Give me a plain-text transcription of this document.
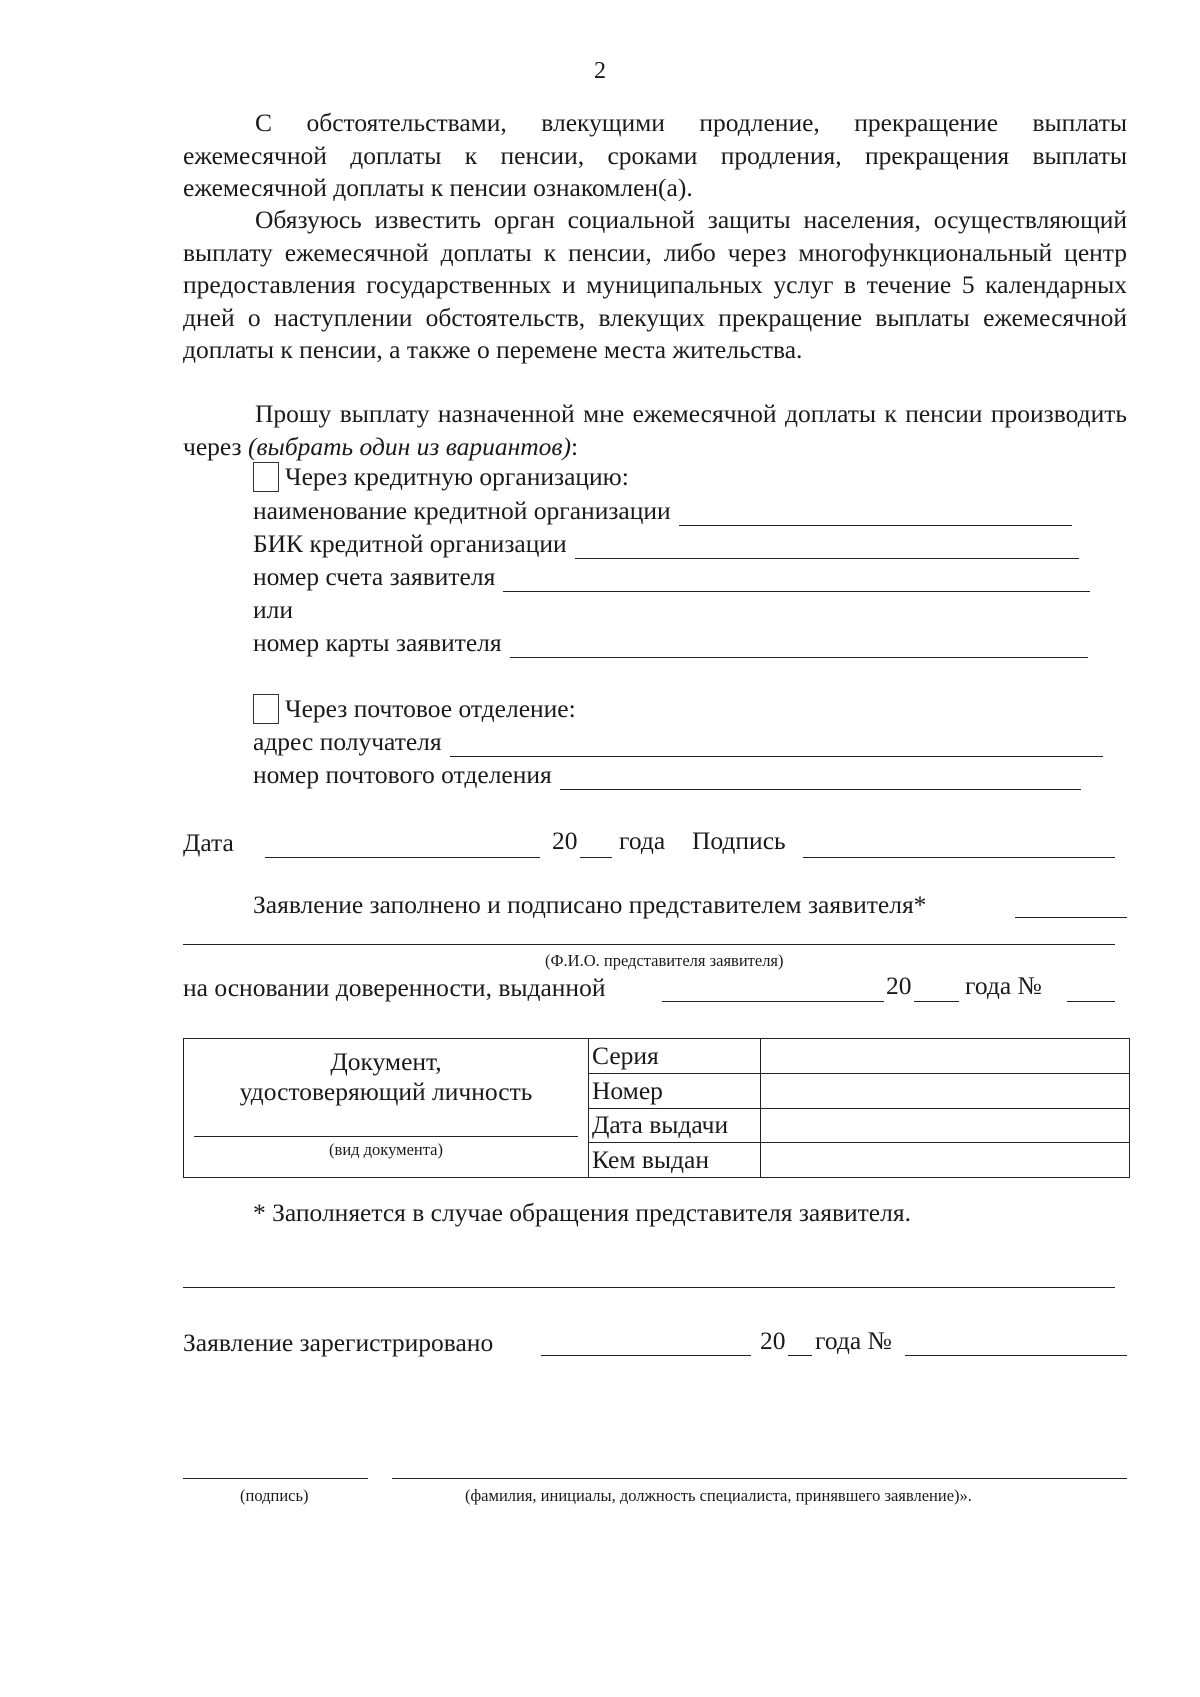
2

С обстоятельствами, влекущими продление, прекращение выплаты ежемесячной доплаты к пенсии, сроками продления, прекращения выплаты ежемесячной доплаты к пенсии ознакомлен(а).

Обязуюсь известить орган социальной защиты населения, осуществляющий выплату ежемесячной доплаты к пенсии, либо через многофункциональный центр предоставления государственных и муниципальных услуг в течение 5 календарных дней о наступлении обстоятельств, влекущих прекращение выплаты ежемесячной доплаты к пенсии, а также о перемене места жительства.

Прошу выплату назначенной мне ежемесячной доплаты к пенсии производить через (выбрать один из вариантов):

Через кредитную организацию:
наименование кредитной организации
БИК кредитной организации
номер счета заявителя
или
номер карты заявителя
Через почтовое отделение:
адрес получателя
номер почтового отделения
Дата	20 года Подпись
Заявление заполнено и подписано представителем заявителя*
(Ф.И.О. представителя заявителя)
на основании доверенности, выданной	20 года №
Документ,
удостоверяющий личность
(вид документа)	Серия	
	Номер	
	Дата выдачи	
	Кем выдан	
* Заполняется в случае обращения представителя заявителя.
Заявление зарегистрировано	20 года №
(подпись)	(фамилия, инициалы, должность специалиста, принявшего заявление)».
